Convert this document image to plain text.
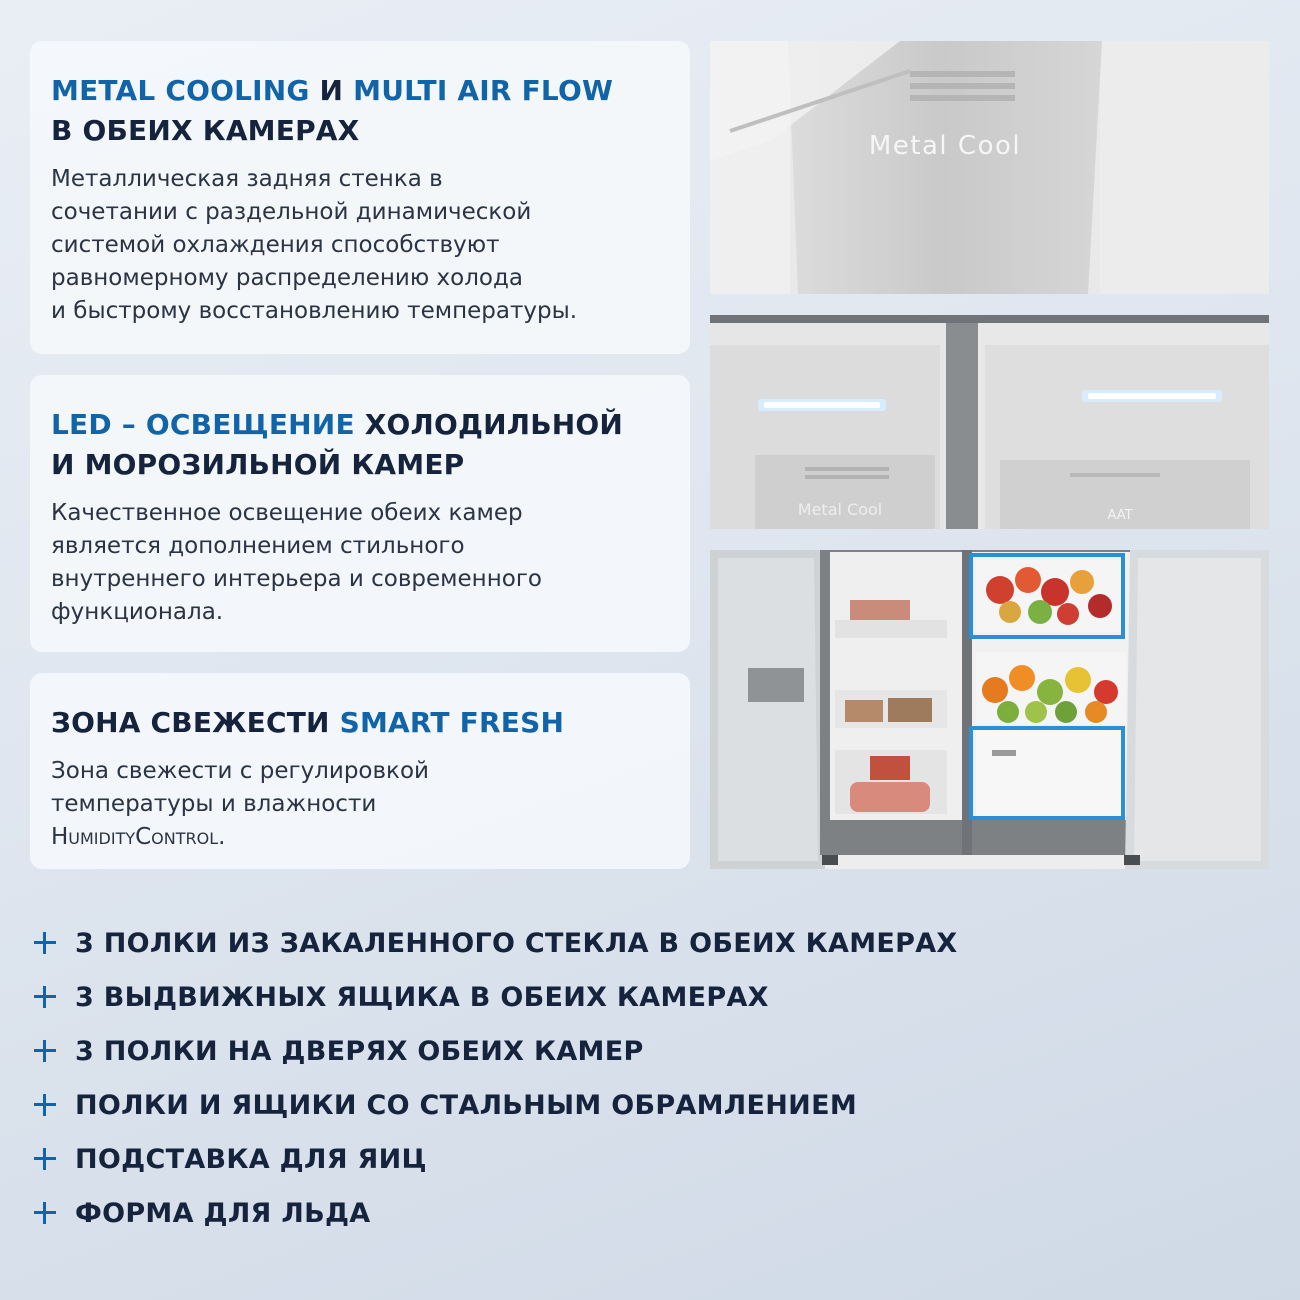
METAL COOLING И MULTI AIR FLOW
В ОБЕИХ КАМЕРАХ

Металлическая задняя стенка в
сочетании с раздельной динамической
системой охлаждения способствуют
равномерному распределению холода
и быстрому восстановлению температуры.

LED – ОСВЕЩЕНИЕ ХОЛОДИЛЬНОЙ
И МОРОЗИЛЬНОЙ КАМЕР

Качественное освещение обеих камер
является дополнением стильного
внутреннего интерьера и современного
функционала.

ЗОНА СВЕЖЕСТИ SMART FRESH

Зона свежести с регулировкой
температуры и влажности
HumidityControl.

Metal Cool
Metal Cool	AAT
3 ПОЛКИ ИЗ ЗАКАЛЕННОГО СТЕКЛА В ОБЕИХ КАМЕРАХ
3 ВЫДВИЖНЫХ ЯЩИКА В ОБЕИХ КАМЕРАХ
3 ПОЛКИ НА ДВЕРЯХ ОБЕИХ КАМЕР
ПОЛКИ И ЯЩИКИ СО СТАЛЬНЫМ ОБРАМЛЕНИЕМ
ПОДСТАВКА ДЛЯ ЯИЦ
ФОРМА ДЛЯ ЛЬДА
